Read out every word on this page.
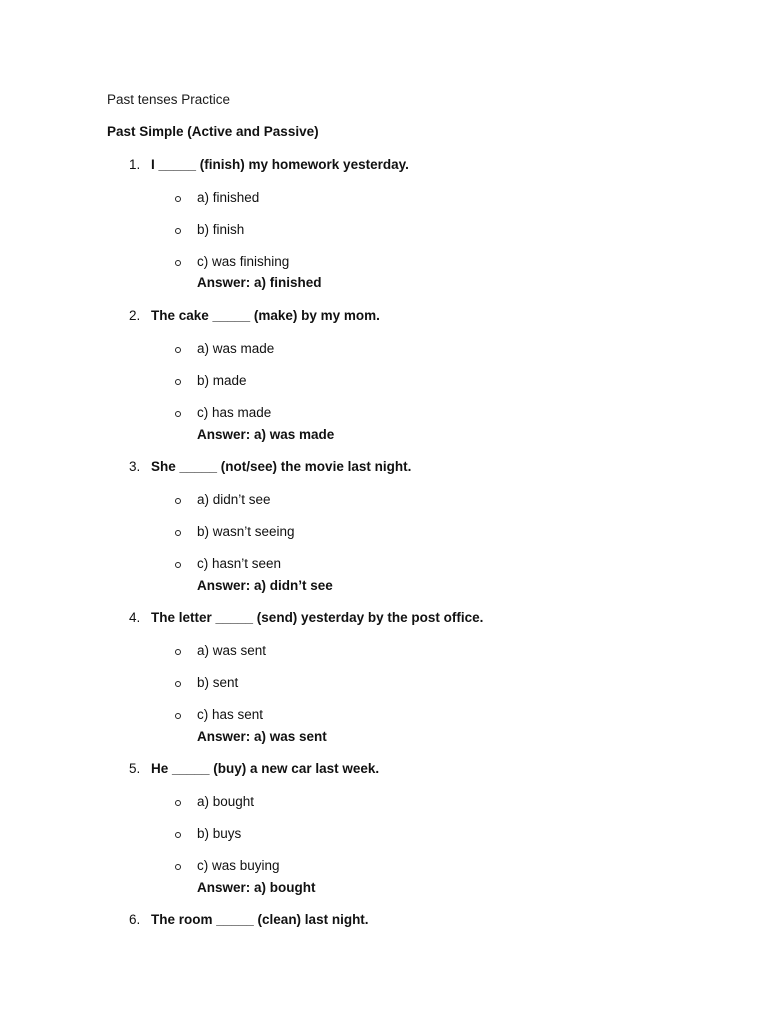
Past tenses Practice
Past Simple (Active and Passive)
1. I _____ (finish) my homework yesterday.
a) finished
b) finish
c) was finishing
Answer: a) finished
2. The cake _____ (make) by my mom.
a) was made
b) made
c) has made
Answer: a) was made
3. She _____ (not/see) the movie last night.
a) didn’t see
b) wasn’t seeing
c) hasn’t seen
Answer: a) didn’t see
4. The letter _____ (send) yesterday by the post office.
a) was sent
b) sent
c) has sent
Answer: a) was sent
5. He _____ (buy) a new car last week.
a) bought
b) buys
c) was buying
Answer: a) bought
6. The room _____ (clean) last night.
